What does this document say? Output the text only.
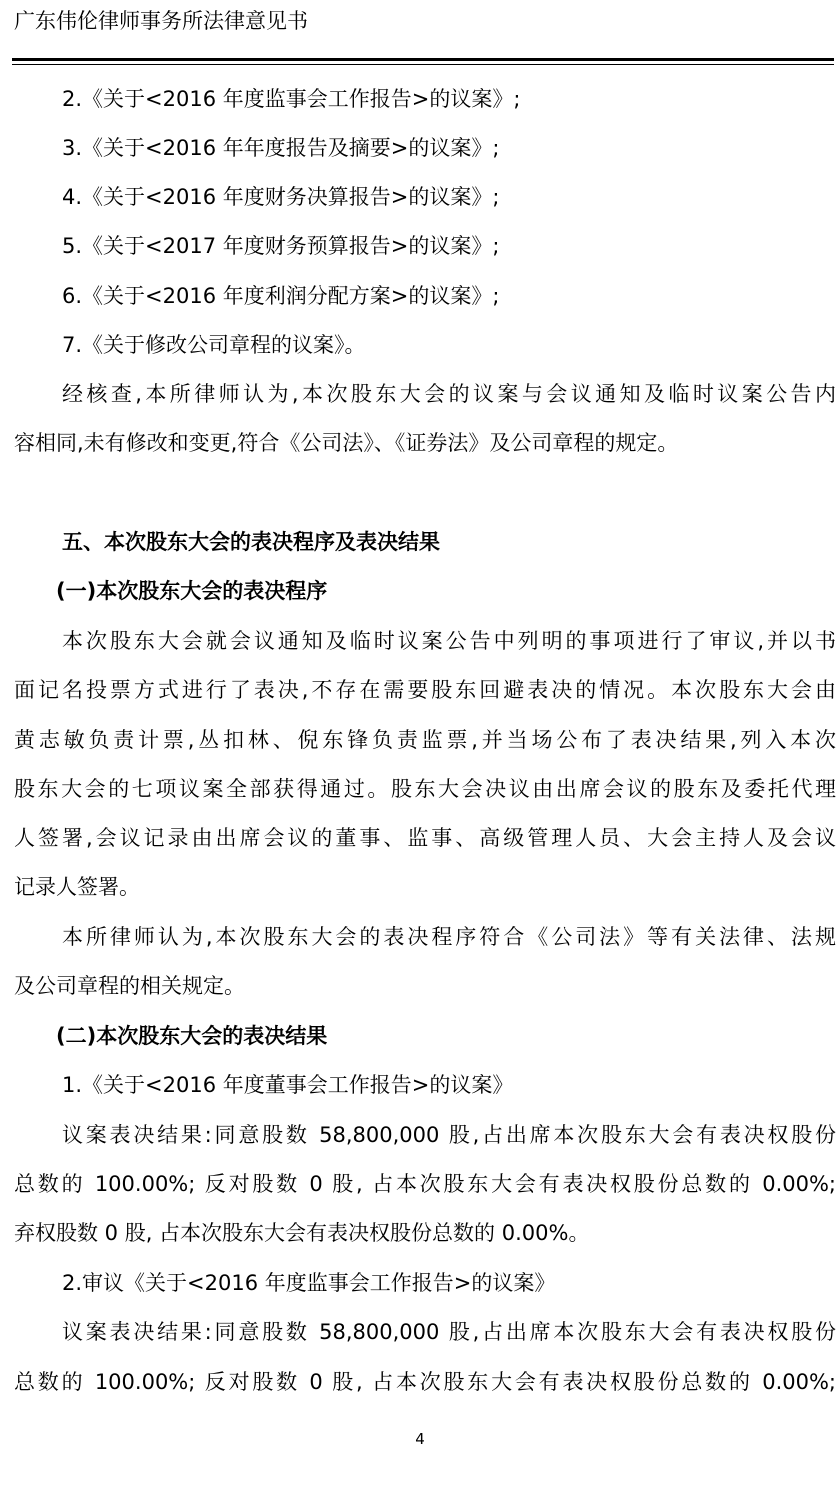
广东伟伦律师事务所法律意见书
2.《关于<2016 年度监事会工作报告>的议案》;
3.《关于<2016 年年度报告及摘要>的议案》;
4.《关于<2016 年度财务决算报告>的议案》;
5.《关于<2017 年度财务预算报告>的议案》;
6.《关于<2016 年度利润分配方案>的议案》;
7.《关于修改公司章程的议案》。
经核查,本所律师认为,本次股东大会的议案与会议通知及临时议案公告内
容相同,未有修改和变更,符合《公司法》、《证券法》及公司章程的规定。
五、本次股东大会的表决程序及表决结果
(一)本次股东大会的表决程序
本次股东大会就会议通知及临时议案公告中列明的事项进行了审议,并以书
面记名投票方式进行了表决,不存在需要股东回避表决的情况。本次股东大会由
黄志敏负责计票,丛扣林、倪东锋负责监票,并当场公布了表决结果,列入本次
股东大会的七项议案全部获得通过。股东大会决议由出席会议的股东及委托代理
人签署,会议记录由出席会议的董事、监事、高级管理人员、大会主持人及会议
记录人签署。
本所律师认为,本次股东大会的表决程序符合《公司法》等有关法律、法规
及公司章程的相关规定。
(二)本次股东大会的表决结果
1.《关于<2016 年度董事会工作报告>的议案》
议案表决结果:同意股数 58,800,000 股,占出席本次股东大会有表决权股份
总数的 100.00%; 反对股数 0 股, 占本次股东大会有表决权股份总数的 0.00%;
弃权股数 0 股, 占本次股东大会有表决权股份总数的 0.00%。
2.审议《关于<2016 年度监事会工作报告>的议案》
议案表决结果:同意股数 58,800,000 股,占出席本次股东大会有表决权股份
总数的 100.00%; 反对股数 0 股, 占本次股东大会有表决权股份总数的 0.00%;
4
